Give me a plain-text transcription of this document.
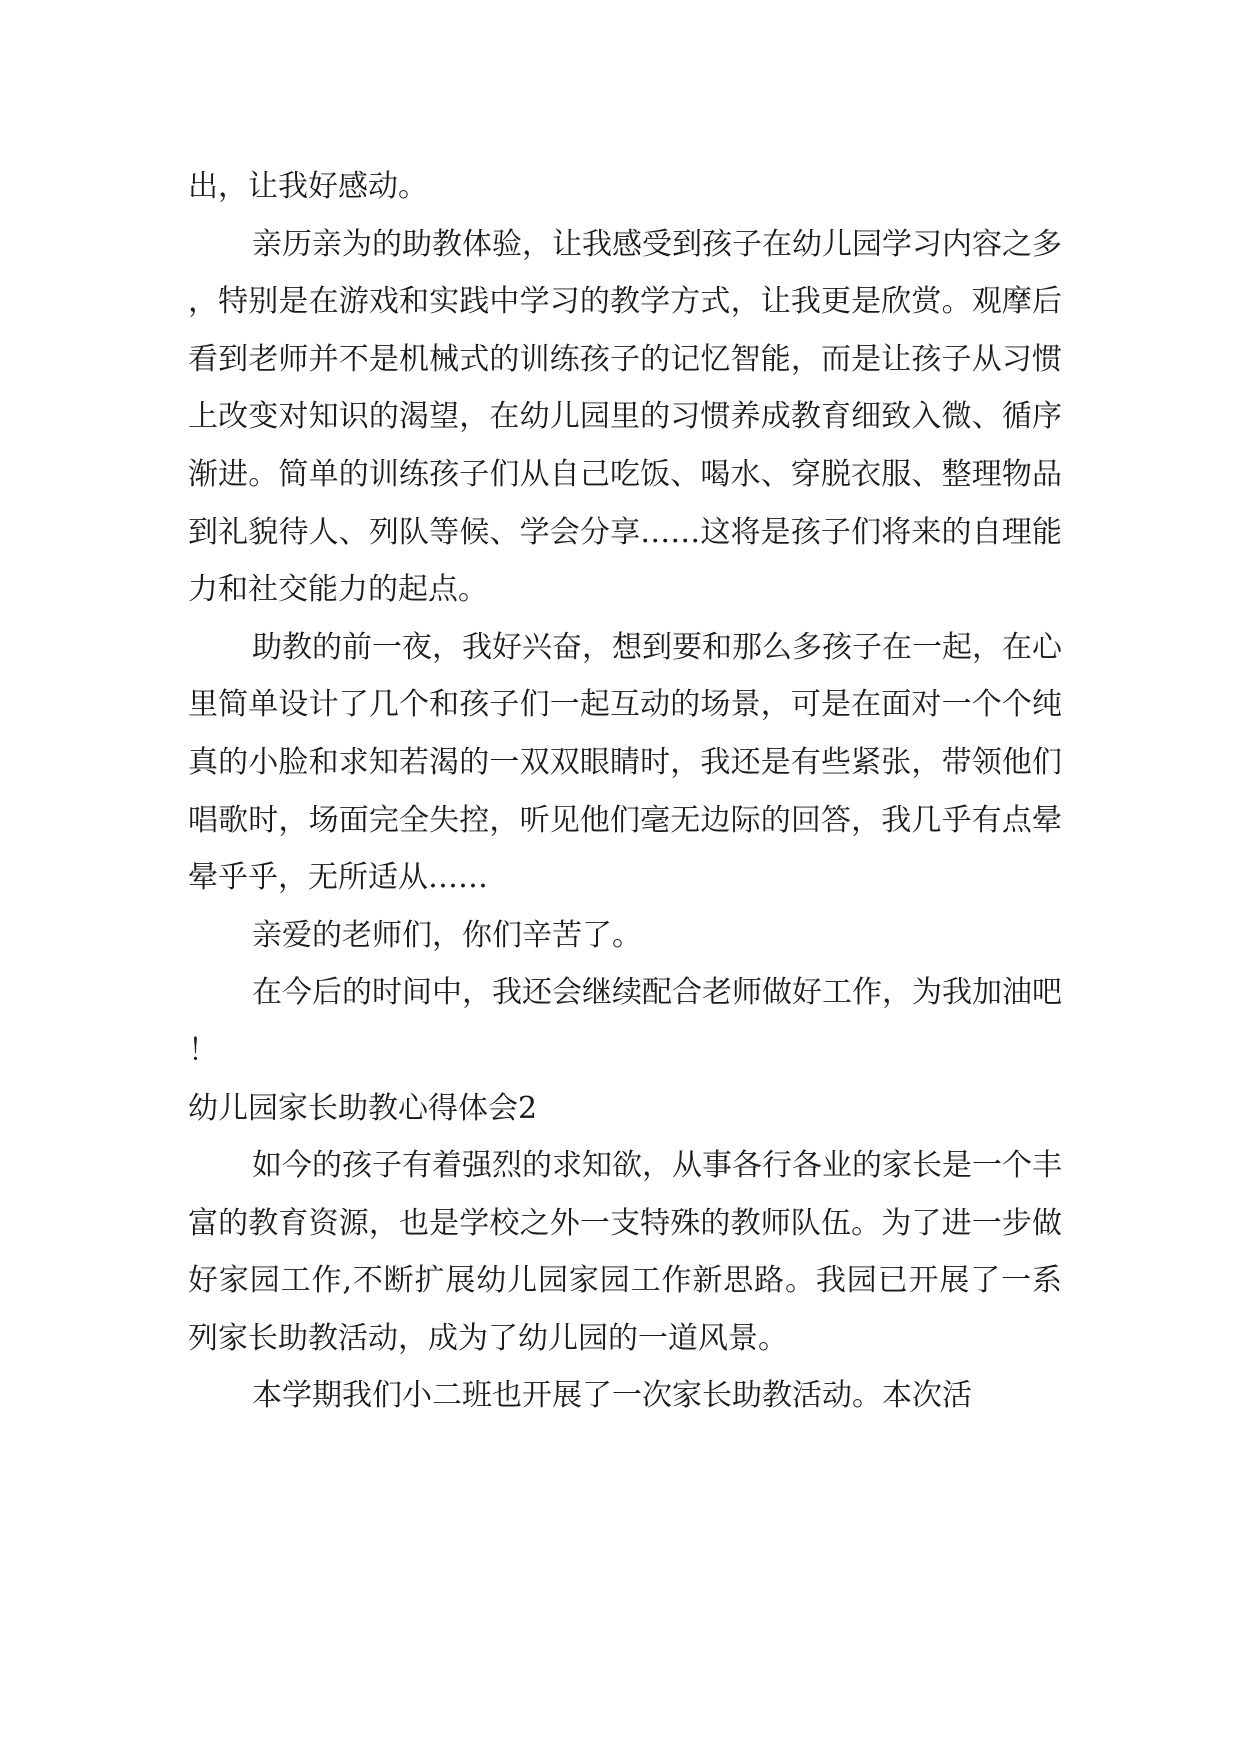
出，让我好感动。

亲历亲为的助教体验，让我感受到孩子在幼儿园学习内容之多，特别是在游戏和实践中学习的教学方式，让我更是欣赏。观摩后看到老师并不是机械式的训练孩子的记忆智能，而是让孩子从习惯上改变对知识的渴望，在幼儿园里的习惯养成教育细致入微、循序渐进。简单的训练孩子们从自己吃饭、喝水、穿脱衣服、整理物品到礼貌待人、列队等候、学会分享……这将是孩子们将来的自理能力和社交能力的起点。

助教的前一夜，我好兴奋，想到要和那么多孩子在一起，在心里简单设计了几个和孩子们一起互动的场景，可是在面对一个个纯真的小脸和求知若渴的一双双眼睛时，我还是有些紧张，带领他们唱歌时，场面完全失控，听见他们毫无边际的回答，我几乎有点晕晕乎乎，无所适从……

亲爱的老师们，你们辛苦了。

在今后的时间中，我还会继续配合老师做好工作，为我加油吧！

幼儿园家长助教心得体会2

如今的孩子有着强烈的求知欲，从事各行各业的家长是一个丰富的教育资源，也是学校之外一支特殊的教师队伍。为了进一步做好家园工作,不断扩展幼儿园家园工作新思路。我园已开展了一系列家长助教活动，成为了幼儿园的一道风景。

本学期我们小二班也开展了一次家长助教活动。本次活
